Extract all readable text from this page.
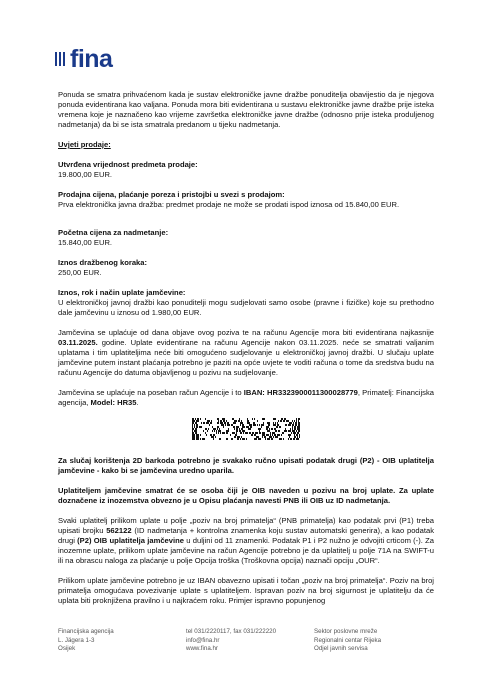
fina

Ponuda se smatra prihvaćenom kada je sustav elektroničke javne dražbe ponuditelja obavijestio da je njegova ponuda evidentirana kao valjana. Ponuda mora biti evidentirana u sustavu elektroničke javne dražbe prije isteka vremena koje je naznačeno kao vrijeme završetka elektroničke javne dražbe (odnosno prije isteka produljenog nadmetanja) da bi se ista smatrala predanom u tijeku nadmetanja.

Uvjeti prodaje:
Utvrđena vrijednost predmeta prodaje:
19.800,00 EUR.
Prodajna cijena, plaćanje poreza i pristojbi u svezi s prodajom:
Prva elektronička javna dražba: predmet prodaje ne može se prodati ispod iznosa od 15.840,00 EUR.
Početna cijena za nadmetanje:
15.840,00 EUR.
Iznos dražbenog koraka:
250,00 EUR.
Iznos, rok i način uplate jamčevine:
U elektroničkoj javnoj dražbi kao ponuditelji mogu sudjelovati samo osobe (pravne i fizičke) koje su prethodno dale jamčevinu u iznosu od 1.980,00 EUR.

Jamčevina se uplaćuje od dana objave ovog poziva te na računu Agencije mora biti evidentirana najkasnije 03.11.2025. godine. Uplate evidentirane na računu Agencije nakon 03.11.2025. neće se smatrati valjanim uplatama i tim uplatiteljima neće biti omogućeno sudjelovanje u elektroničkoj javnoj dražbi. U slučaju uplate jamčevine putem instant plaćanja potrebno je paziti na opće uvjete te voditi računa o tome da sredstva budu na računu Agencije do datuma objavljenog u pozivu na sudjelovanje.

Jamčevina se uplaćuje na poseban račun Agencije i to IBAN: HR3323900011300028779, Primatelj: Financijska agencija, Model: HR35.

Za slučaj korištenja 2D barkoda potrebno je svakako ručno upisati podatak drugi (P2) - OIB uplatitelja jamčevine - kako bi se jamčevina uredno uparila.

Uplatiteljem jamčevine smatrat će se osoba čiji je OIB naveden u pozivu na broj uplate. Za uplate doznačene iz inozemstva obvezno je u Opisu plaćanja navesti PNB ili OIB uz ID nadmetanja.

Svaki uplatitelj prilikom uplate u polje „poziv na broj primatelja“ (PNB primatelja) kao podatak prvi (P1) treba upisati brojku 562122 (ID nadmetanja + kontrolna znamenka koju sustav automatski generira), a kao podatak drugi (P2) OIB uplatitelja jamčevine u duljini od 11 znamenki. Podatak P1 i P2 nužno je odvojiti crticom (-). Za inozemne uplate, prilikom uplate jamčevine na račun Agencije potrebno je da uplatitelj u polje 71A na SWIFT-u ili na obrascu naloga za plaćanje u polje Opcija troška (Troškovna opcija) naznači opciju „OUR“.

Prilikom uplate jamčevine potrebno je uz IBAN obavezno upisati i točan „poziv na broj primatelja“. Poziv na broj primatelja omogućava povezivanje uplate s uplatiteljem. Ispravan poziv na broj sigurnost je uplatitelju da će uplata biti proknjižena pravilno i u najkraćem roku. Primjer ispravno popunjenog

Financijska agencija
L. Jägera 1-3
Osijek
tel 031/2220117, fax 031/222220
info@fina.hr
www.fina.hr
Sektor poslovne mreže
Regionalni centar Rijeka
Odjel javnih servisa
